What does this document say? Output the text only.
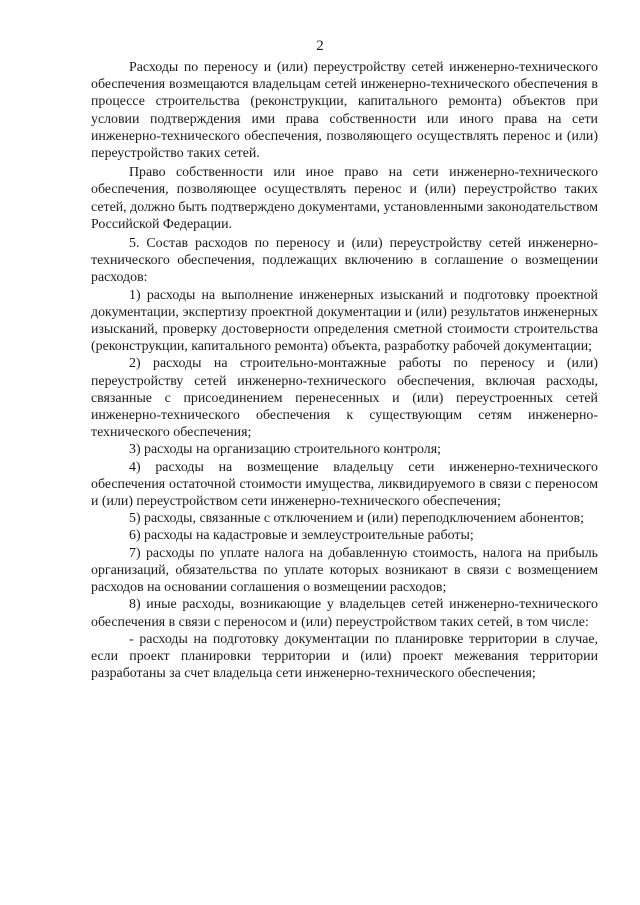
2

Расходы по переносу и (или) переустройству сетей инженерно-технического обеспечения возмещаются владельцам сетей инженерно-технического обеспечения в процессе строительства (реконструкции, капитального ремонта) объектов при условии подтверждения ими права собственности или иного права на сети инженерно-технического обеспечения, позволяющего осуществлять перенос и (или) переустройство таких сетей.

Право собственности или иное право на сети инженерно-технического обеспечения, позволяющее осуществлять перенос и (или) переустройство таких сетей, должно быть подтверждено документами, установленными законодательством Российской Федерации.

5. Состав расходов по переносу и (или) переустройству сетей инженерно-технического обеспечения, подлежащих включению в соглашение о возмещении расходов:

1) расходы на выполнение инженерных изысканий и подготовку проектной документации, экспертизу проектной документации и (или) результатов инженерных изысканий, проверку достоверности определения сметной стоимости строительства (реконструкции, капитального ремонта) объекта, разработку рабочей документации;

2) расходы на строительно-монтажные работы по переносу и (или) переустройству сетей инженерно-технического обеспечения, включая расходы, связанные с присоединением перенесенных и (или) переустроенных сетей инженерно-технического обеспечения к существующим сетям инженерно-технического обеспечения;

3) расходы на организацию строительного контроля;

4) расходы на возмещение владельцу сети инженерно-технического обеспечения остаточной стоимости имущества, ликвидируемого в связи с переносом и (или) переустройством сети инженерно-технического обеспечения;

5) расходы, связанные с отключением и (или) переподключением абонентов;

6) расходы на кадастровые и землеустроительные работы;

7) расходы по уплате налога на добавленную стоимость, налога на прибыль организаций, обязательства по уплате которых возникают в связи с возмещением расходов на основании соглашения о возмещении расходов;

8) иные расходы, возникающие у владельцев сетей инженерно-технического обеспечения в связи с переносом и (или) переустройством таких сетей, в том числе:

- расходы на подготовку документации по планировке территории в случае, если проект планировки территории и (или) проект межевания территории разработаны за счет владельца сети инженерно-технического обеспечения;
